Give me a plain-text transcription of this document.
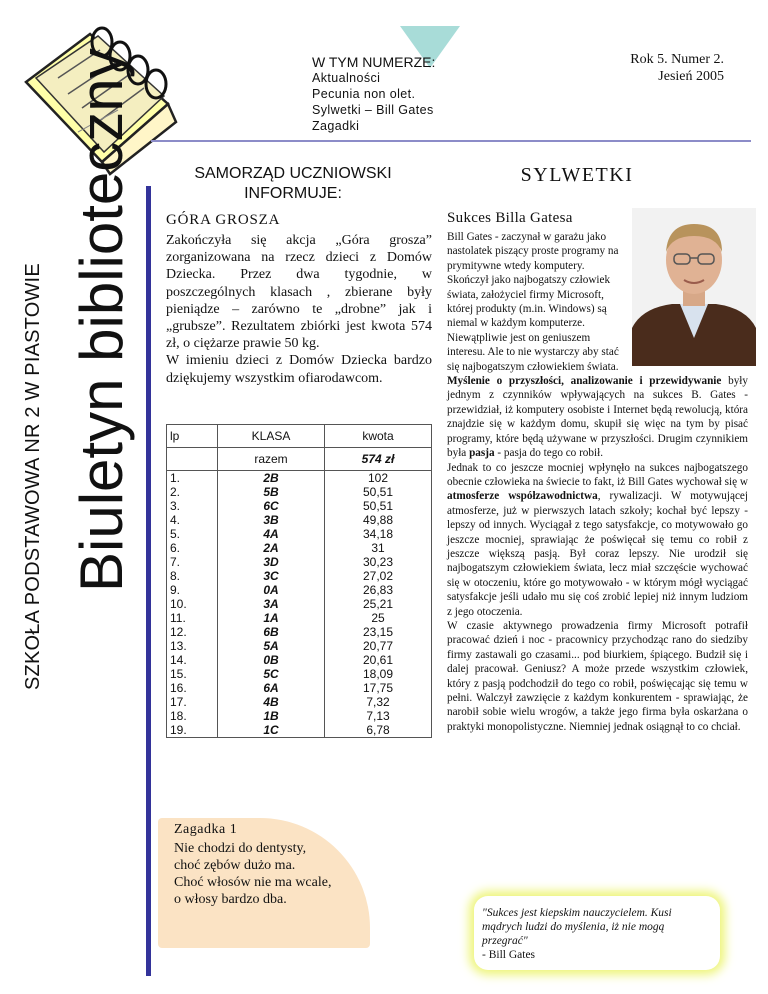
W TYM NUMERZE:
Aktualności
Pecunia non olet.
Sylwetki – Bill Gates
Zagadki
Rok 5. Numer 2.
Jesień 2005
SZKOŁA PODSTAWOWA NR 2 W PIASTOWIE Biuletyn biblioteczny	SAMORZĄD UCZNIOWSKI INFORMUJE:
GÓRA GROSZA
Zakończyła się akcja „Góra grosza” zorganizowana na rzecz dzieci z Domów Dziecka. Przez dwa tygodnie, w poszczególnych klasach , zbierane były pieniądze – zarówno te „drobne” jak i „grubsze”. Rezultatem zbiórki jest kwota 574 zł, o ciężarze prawie 50 kg.
W imieniu dzieci z Domów Dziecka bardzo dziękujemy wszystkim ofiarodawcom.
lp	KLASA	kwota
	razem	574 zł
1.	2B	102
2.	5B	50,51
3.	6C	50,51
4.	3B	49,88
5.	4A	34,18
6.	2A	31
7.	3D	30,23
8.	3C	27,02
9.	0A	26,83
10.	3A	25,21
11.	1A	25
12.	6B	23,15
13.	5A	20,77
14.	0B	20,61
15.	5C	18,09
16.	6A	17,75
17.	4B	7,32
18.	1B	7,13
19.	1C	6,78
Zagadka 1
Nie chodzi do dentysty,
choć zębów dużo ma.
Choć włosów nie ma wcale,
o włosy bardzo dba.
SYLWETKI
Sukces Billa Gatesa
Bill Gates - zaczynał w garażu jako nastolatek piszący proste programy na prymitywne wtedy komputery. Skończył jako najbogatszy człowiek świata, założyciel firmy Microsoft, której produkty (m.in. Windows) są niemal w każdym komputerze. Niewątpliwie jest on geniuszem interesu. Ale to nie wystarczy aby stać się najbogatszym człowiekiem świata.
Myślenie o przyszłości, analizowanie i przewidywanie były jednym z czynników wpływających na sukces B. Gates - przewidział, iż komputery osobiste i Internet będą rewolucją, która znajdzie się w każdym domu, skupił się więc na tym by pisać programy, które będą używane w przyszłości. Drugim czynnikiem była pasja - pasja do tego co robił.
Jednak to co jeszcze mocniej wpłynęło na sukces najbogatszego obecnie człowieka na świecie to fakt, iż Bill Gates wychował się w atmosferze współzawodnictwa, rywalizacji. W motywującej atmosferze, już w pierwszych latach szkoły; kochał być lepszy - lepszy od innych. Wyciągał z tego satysfakcje, co motywowało go jeszcze mocniej, sprawiając że poświęcał się temu co robił z jeszcze większą pasją. Był coraz lepszy. Nie urodził się najbogatszym człowiekiem świata, lecz miał szczęście wychować się w otoczeniu, które go motywowało - w którym mógł wyciągać satysfakcje jeśli udało mu się coś zrobić lepiej niż innym ludziom z jego otoczenia.
W czasie aktywnego prowadzenia firmy Microsoft potrafił pracować dzień i noc - pracownicy przychodząc rano do siedziby firmy zastawali go czasami... pod biurkiem, śpiącego. Budził się i dalej pracował. Geniusz? A może przede wszystkim człowiek, który z pasją podchodził do tego co robił, poświęcając się temu w pełni. Walczył zawzięcie z każdym konkurentem - sprawiając, że narobił sobie wielu wrogów, a także jego firma była oskarżana o praktyki monopolistyczne. Niemniej jednak osiągnął to co chciał.
"Sukces jest kiepskim nauczycielem. Kusi mądrych ludzi do myślenia, iż nie mogą przegrać"
- Bill Gates
